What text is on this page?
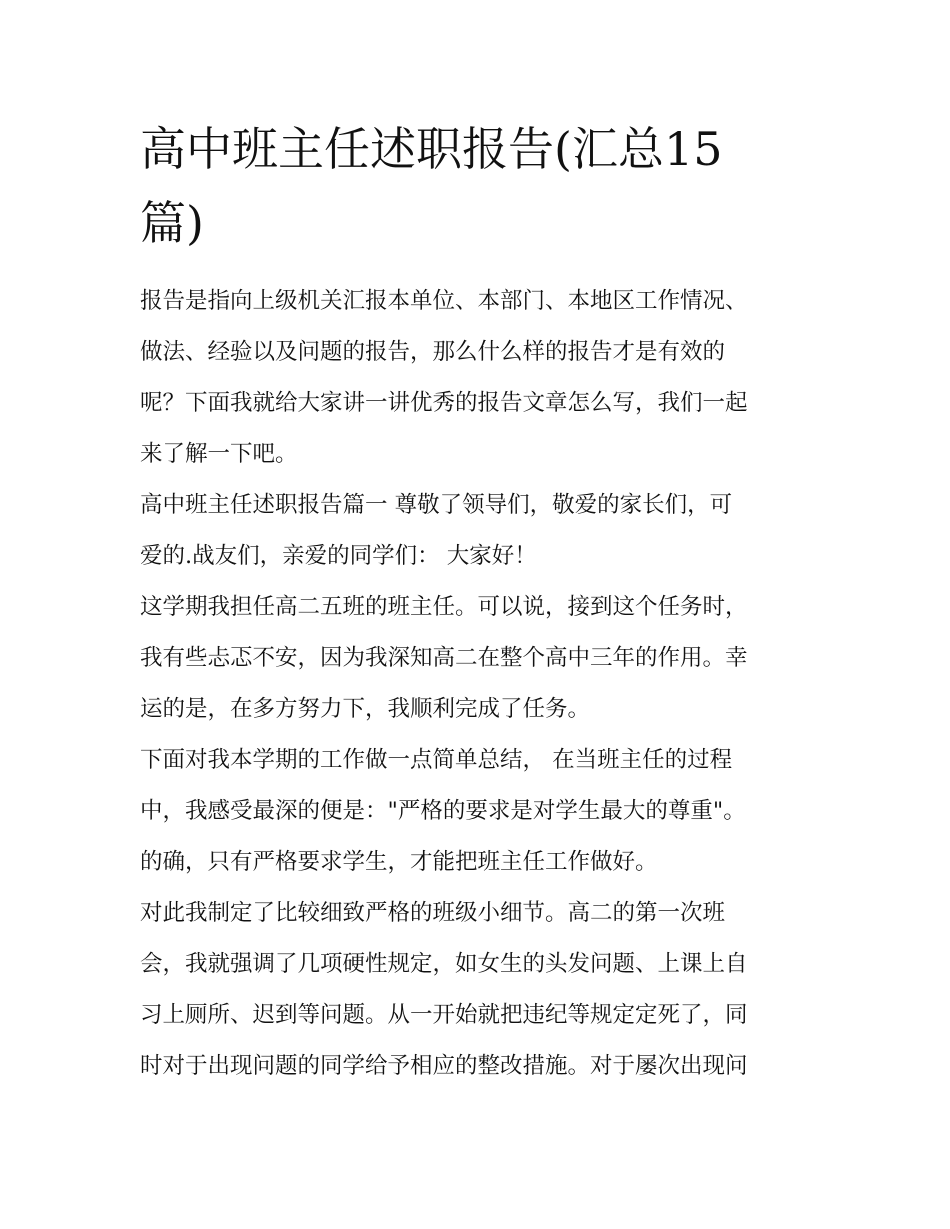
高中班主任述职报告(汇总15
篇)
报告是指向上级机关汇报本单位、本部门、本地区工作情况、
做法、经验以及问题的报告，那么什么样的报告才是有效的
呢？下面我就给大家讲一讲优秀的报告文章怎么写，我们一起
来了解一下吧。
高中班主任述职报告篇一 尊敬了领导们，敬爱的家长们，可
爱的.战友们，亲爱的同学们： 大家好！
这学期我担任高二五班的班主任。可以说，接到这个任务时，
我有些忐忑不安，因为我深知高二在整个高中三年的作用。幸
运的是，在多方努力下，我顺利完成了任务。
下面对我本学期的工作做一点简单总结， 在当班主任的过程
中，我感受最深的便是："严格的要求是对学生最大的尊重"。
的确，只有严格要求学生，才能把班主任工作做好。
对此我制定了比较细致严格的班级小细节。高二的第一次班
会，我就强调了几项硬性规定，如女生的头发问题、上课上自
习上厕所、迟到等问题。从一开始就把违纪等规定定死了，同
时对于出现问题的同学给予相应的整改措施。对于屡次出现问
